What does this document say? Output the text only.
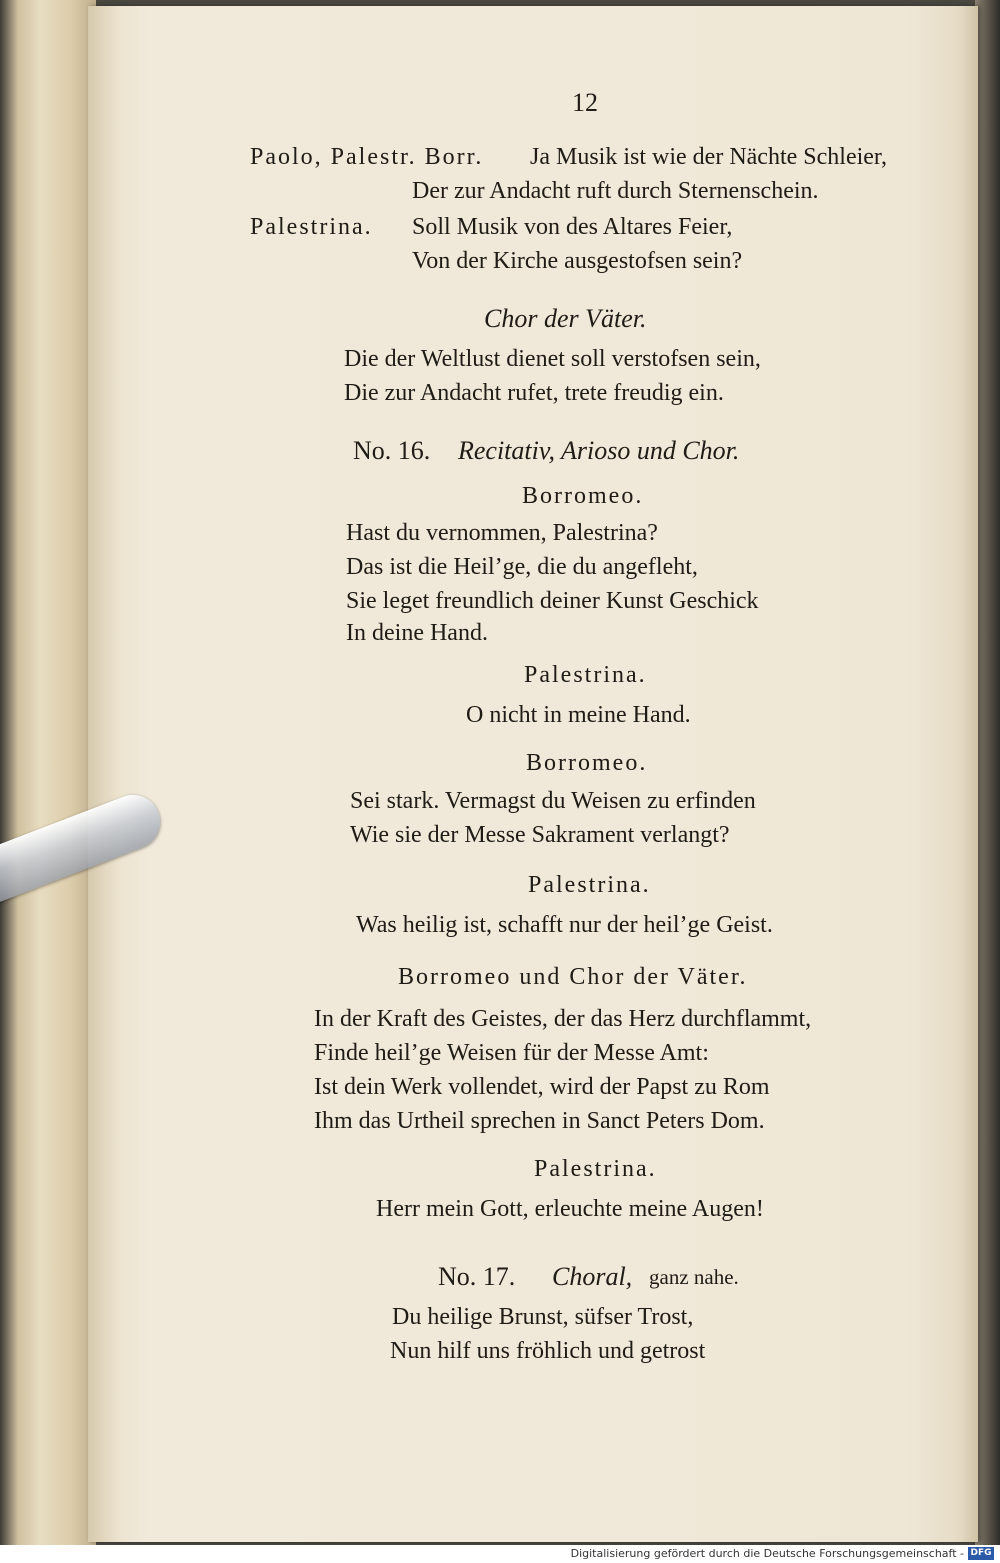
12
Paolo, Palestr. Borr. Ja Musik ist wie der Nächte Schleier,
Der zur Andacht ruft durch Sternenschein.
Palestrina. Soll Musik von des Altares Feier,
Von der Kirche ausgestofsen sein?
Chor der Väter.
Die der Weltlust dienet soll verstofsen sein,
Die zur Andacht rufet, trete freudig ein.
No. 16. Recitativ, Arioso und Chor.
Borromeo.
Hast du vernommen, Palestrina?
Das ist die Heil’ge, die du angefleht,
Sie leget freundlich deiner Kunst Geschick
In deine Hand.
Palestrina.
O nicht in meine Hand.
Borromeo.
Sei stark. Vermagst du Weisen zu erfinden
Wie sie der Messe Sakrament verlangt?
Palestrina.
Was heilig ist, schafft nur der heil’ge Geist.
Borromeo und Chor der Väter.
In der Kraft des Geistes, der das Herz durchflammt,
Finde heil’ge Weisen für der Messe Amt:
Ist dein Werk vollendet, wird der Papst zu Rom
Ihm das Urtheil sprechen in Sanct Peters Dom.
Palestrina.
Herr mein Gott, erleuchte meine Augen!
No. 17. Choral, ganz nahe.
Du heilige Brunst, süfser Trost,
Nun hilf uns fröhlich und getrost
Digitalisierung gefördert durch die Deutsche Forschungsgemeinschaft - DFG
